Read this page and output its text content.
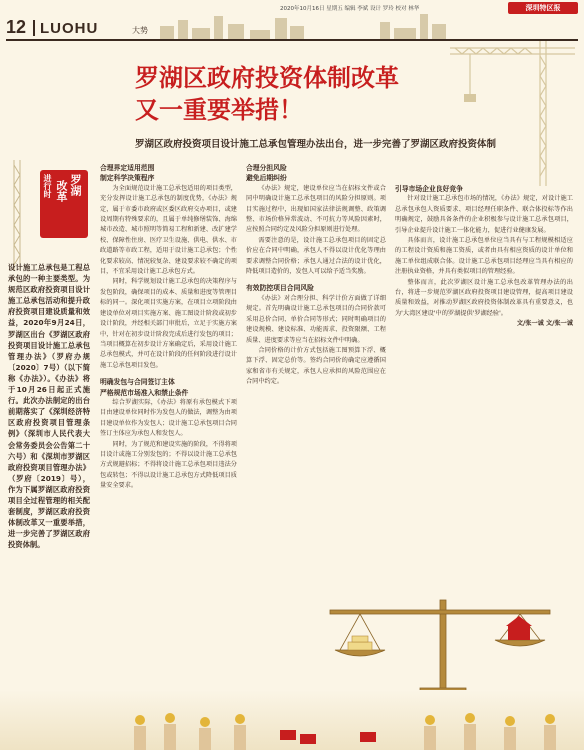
2020年10月16日 星期五 编辑 李斌 设计 罗玲 校对 林华	深圳特区报
12 LUOHU	大势
罗湖区政府投资体制改革
又一重要举措！
罗湖区政府投资项目设计施工总承包管理办法出台，进一步完善了罗湖区政府投资体制
罗湖
改革
进行时
设计施工总承包是工程总承包的一种主要类型。为规范区政府投资项目设计施工总承包活动和提升政府投资项目建设质量和效益，2020年9月24日，罗湖区出台《罗湖区政府投资项目设计施工总承包管理办法》（罗府办规〔2020〕7号）（以下简称《办法》）。《办法》将于10月26日起正式施行。此次办法制定的出台前期落实了《深圳经济特区政府投资项目管理条例》（深圳市人民代表大会常务委员会公告第二十六号）和《深圳市罗湖区政府投资项目管理办法》（罗府〔2019〕号），作为下属罗湖区政府投资项目全过程管理的相关配套制度，罗湖区政府投资体制改革又一重要举措，进一步完善了罗湖区政府投资体制。
合理界定适用范围
制定科学决策程序

为全面规范设计施工总承包适用的项目类型，充分发挥设计施工总承包的制度优势，《办法》规定，属于市委市政府或区委区政府交办项目，或建设周期有特殊要求的，且属于单纯修缮装饰、海绵城市改造、城市照明等简易工程和新建、改扩建学校、保障性住房、医疗卫生设施、供电、供水、市政道路等市政工程，适用于设计施工总承包；个性化要求较高、情况较复杂、建设要求较不确定的项目，不宜采用设计施工总承包方式。

同时，科学规划设计施工总承包的决策程序与发包阶段，确保项目的成本、质量和进度等管理目标的同一。深化项目实施方案，在项目立项阶段由建设单位对项目实施方案、施工图设计阶段或初步设计阶段，并经相关部门审批后，立足于实施方案中，针对在初步设计阶段完成后进行发包的项目；当项目概算在初步设计方案确定后，采用设计施工总承包模式，并可在设计阶段的任何阶段进行设计施工总承包项目发包。

明确发包与合同签订主体
严格规范市场准入和禁止条件

综合罗湖实际，《办法》将原有承包模式下项目由建设单位同时作为发包人的做法，调整为由项目建设单位作为发包人；设计施工总承包项目合同签订主体应为承包人和发包人。

同时，为了规范和建设实施的阶段，不得将项目设计或施工分别发包的；不得以设计施工总承包方式规避招标；不得将设计施工总承包项目违法分包或转包；不得以设计施工总承包方式降低项目质量安全要求。

合理分担风险
避免后期纠纷

《办法》规定，建设单位应当在招标文件或合同中明确设计施工总承包项目的风险分担原则。项目实施过程中，出现如国家法律法规调整、政策调整、市场价格异常波动、不可抗力等风险因素时，应按照合同约定及风险分担原则进行处理。

需要注意的是，设计施工总承包项目的固定总价应在合同中明确，承包人不得以设计优化等理由要求调整合同价格；承包人通过合法的设计优化，降低项目造价的，发包人可以给予适当奖励。

有效防控项目合同风险

《办法》对合理分担、科学计价方面做了详细规定。首先明确设计施工总承包项目的合同价款可采用总价合同、单价合同等形式；同时明确项目的建设规模、建设标准、功能需求、投资限额、工程质量、进度要求等应当在招标文件中明确。

合同价格的计价方式包括施工图预算下浮、概算下浮、固定总价等。签约合同价的确定应遵循国家和省市有关规定，承包人应承担的风险范围应在合同中约定。

引导市场企业良好竞争

针对设计施工总承包市场的情况，《办法》规定，对设计施工总承包承包人资质要求、项目经理任职条件、联合体投标等作出明确规定，鼓励具备条件的企业积极参与设计施工总承包项目，引导企业提升设计施工一体化能力，促进行业健康发展。

具体而言，设计施工总承包单位应当具有与工程规模相适应的工程设计资质和施工资质，或者由具有相应资质的设计单位和施工单位组成联合体。设计施工总承包项目经理应当具有相应的注册执业资格，并具有类似项目的管理经验。

整体而言，此次罗湖区设计施工总承包改革管理办法的出台，将进一步规范罗湖区政府投资项目建设管理，提高项目建设质量和效益，对推动罗湖区政府投资体制改革具有重要意义，也为'大湾区建设'中的罗湖提供'罗湖经验'。

文/张一诚 文/张一诚
